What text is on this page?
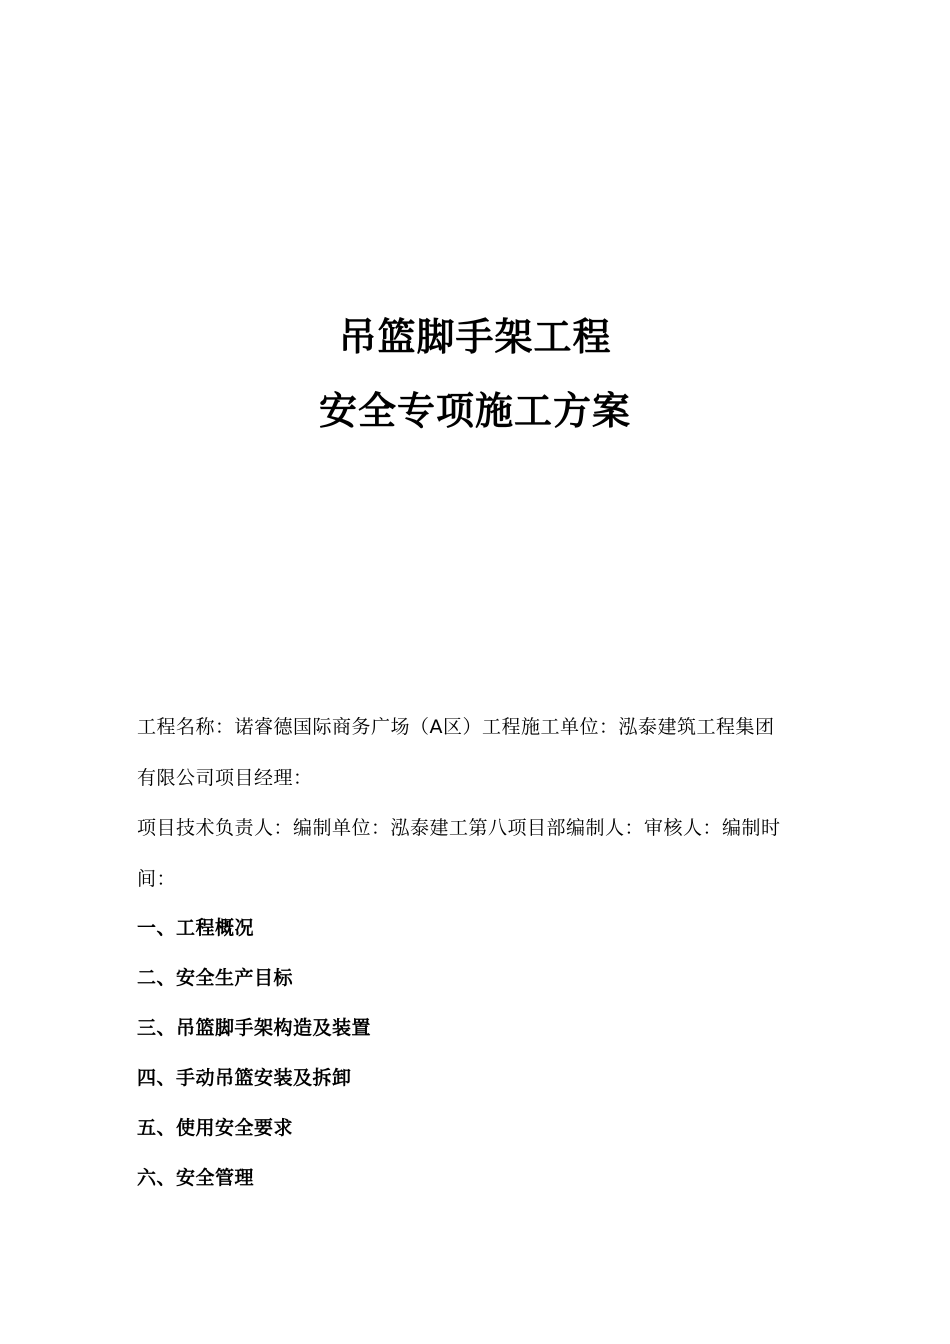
吊篮脚手架工程

安全专项施工方案

工程名称：诺睿德国际商务广场（A区）工程施工单位：泓泰建筑工程集团

有限公司项目经理：

项目技术负责人：编制单位：泓泰建工第八项目部编制人：审核人：编制时

间：

一、工程概况
二、安全生产目标
三、吊篮脚手架构造及装置
四、手动吊篮安装及拆卸
五、使用安全要求
六、安全管理
